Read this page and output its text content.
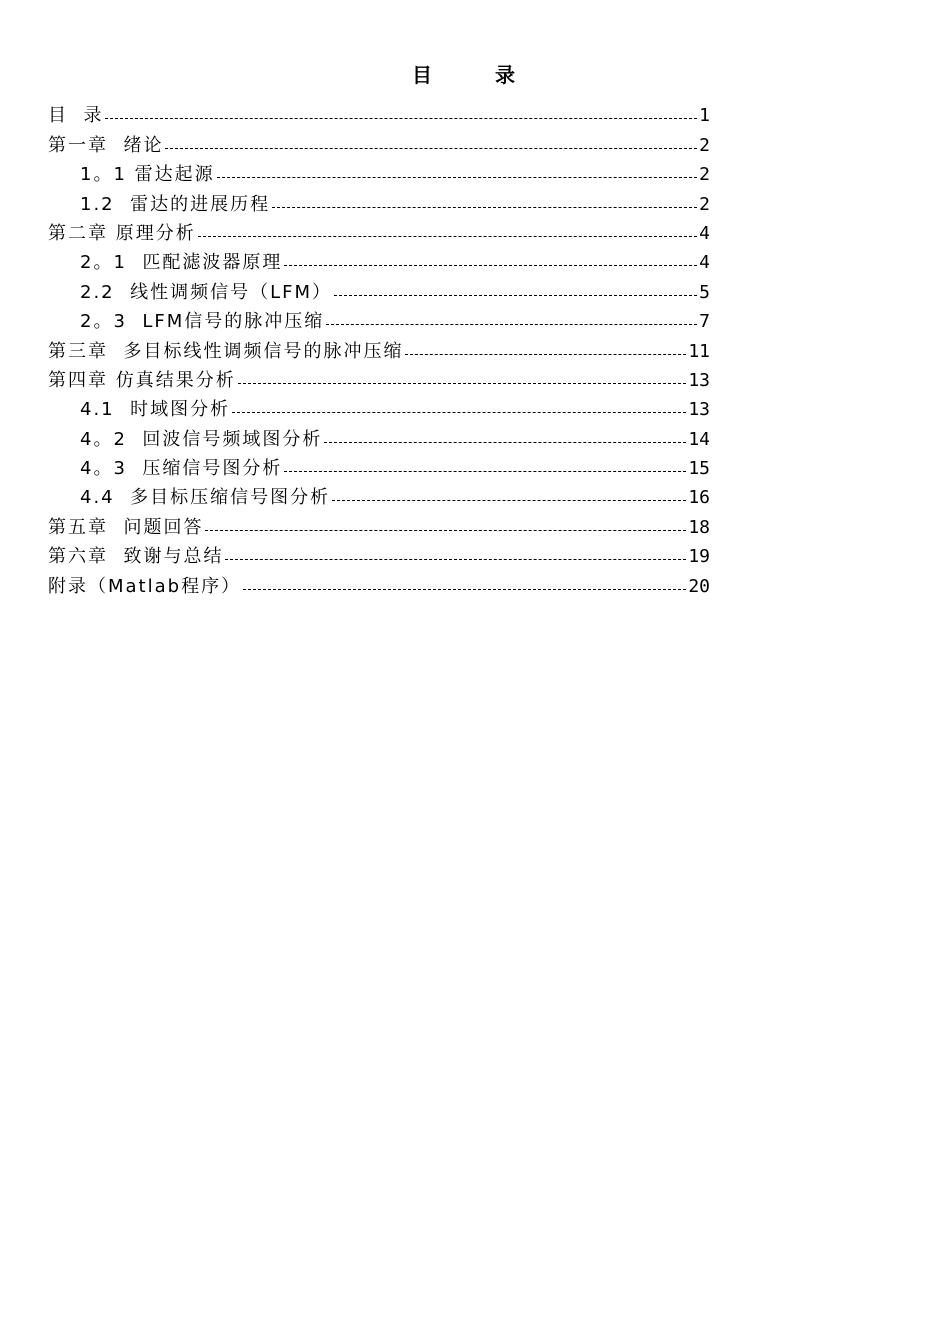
目 录
目  录	1
第一章  绪论	2
1。1 雷达起源	2
1.2  雷达的进展历程	2
第二章 原理分析	4
2。1  匹配滤波器原理	4
2.2  线性调频信号（LFM）	5
2。3  LFM信号的脉冲压缩	7
第三章  多目标线性调频信号的脉冲压缩	11
第四章 仿真结果分析	13
4.1  时域图分析	13
4。2  回波信号频域图分析	14
4。3  压缩信号图分析	15
4.4  多目标压缩信号图分析	16
第五章  问题回答	18
第六章  致谢与总结	19
附录（Matlab程序）	20
